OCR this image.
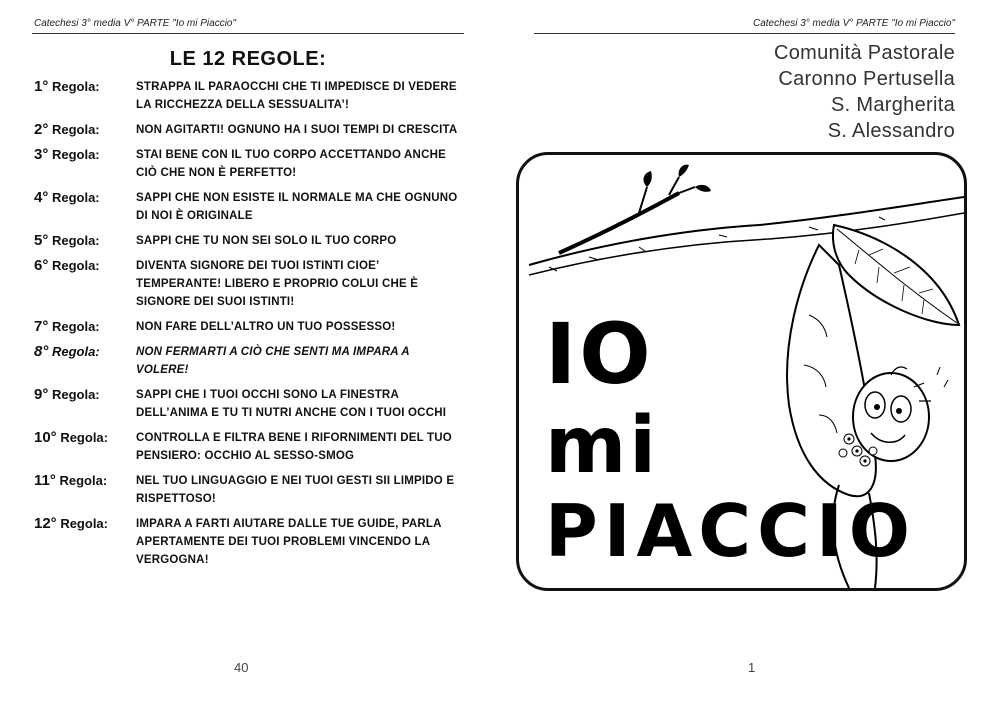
Catechesi 3° media V° PARTE "Io mi Piaccio"
LE 12 REGOLE:
1° Regola:	STRAPPA IL PARAOCCHI CHE TI IMPEDISCE DI VEDERE LA RICCHEZZA DELLA SESSUALITA’!
2° Regola:	NON AGITARTI! OGNUNO HA I SUOI TEMPI DI CRESCITA
3° Regola:	STAI BENE CON IL TUO CORPO ACCETTANDO ANCHE CIÒ CHE NON È PERFETTO!
4° Regola:	SAPPI CHE NON ESISTE IL NORMALE MA CHE OGNUNO DI NOI È ORIGINALE
5° Regola:	SAPPI CHE TU NON SEI SOLO IL TUO CORPO
6° Regola:	DIVENTA SIGNORE DEI TUOI ISTINTI CIOE’ TEMPERANTE! LIBERO E PROPRIO COLUI CHE È SIGNORE DEI SUOI ISTINTI!
7° Regola:	NON FARE DELL’ALTRO UN TUO POSSESSO!
8° Regola:	NON FERMARTI A CIÒ CHE SENTI MA IMPARA A VOLERE!
9° Regola:	SAPPI CHE I TUOI OCCHI SONO LA FINESTRA DELL’ANIMA E TU TI NUTRI ANCHE CON I TUOI OCCHI
10° Regola:	CONTROLLA E FILTRA BENE I RIFORNIMENTI DEL TUO PENSIERO: OCCHIO AL SESSO-SMOG
11° Regola:	NEL TUO LINGUAGGIO E NEI TUOI GESTI SII LIMPIDO E RISPETTOSO!
12° Regola:	IMPARA A FARTI AIUTARE DALLE TUE GUIDE, PARLA APERTAMENTE DEI TUOI PROBLEMI VINCENDO LA VERGOGNA!
40
Catechesi 3° media V° PARTE "Io mi Piaccio"
Comunità Pastorale
Caronno Pertusella
S. Margherita
S. Alessandro
IO
mi
PIACCIO
1
